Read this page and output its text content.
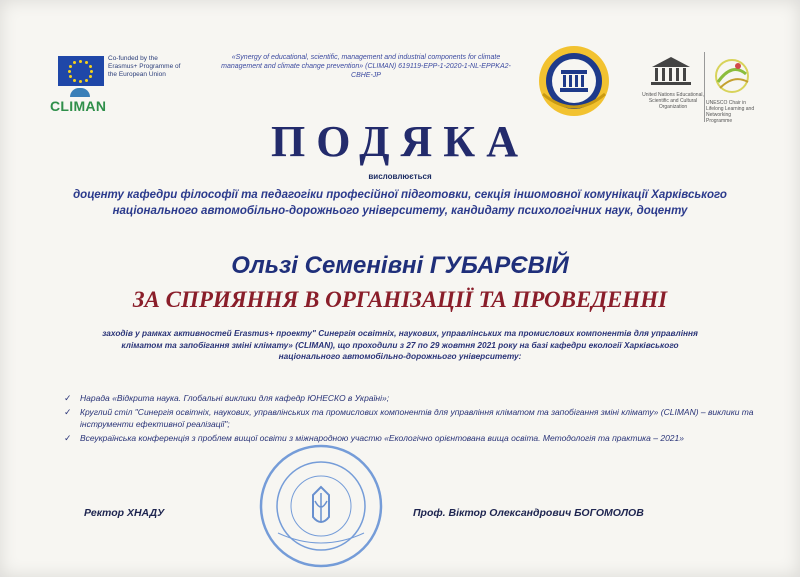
Co-funded by the Erasmus+ Programme of the European Union
CLIMAN
«Synergy of educational, scientific, management and industrial components for climate management and climate change prevention» (CLIMAN) 619119-EPP-1-2020-1-NL-EPPKA2-CBHE-JP
United Nations Educational, Scientific and Cultural Organization
UNESCO Chair in Lifelong Learning and Networking Programme
ПОДЯКА
висловлюється
доценту кафедри філософії та педагогіки професійної підготовки, секція іншомовної комунікації Харківського національного автомобільно-дорожнього університету, кандидату психологічних наук, доценту
Ользі Семенівні ГУБАРЄВІЙ
ЗА СПРИЯННЯ В ОРГАНІЗАЦІЇ ТА ПРОВЕДЕННІ
заходів у рамках активностей Erasmus+ проекту" Синергія освітніх, наукових, управлінських та промислових компонентів для управління кліматом та запобігання зміні клімату» (CLIMAN), що проходили з 27 по 29 жовтня 2021 року на базі кафедри екології Харківського національного автомобільно-дорожнього університету:
✓ Нарада «Відкрита наука. Глобальні виклики для кафедр ЮНЕСКО в Україні»;
✓ Круглий стіл "Синергія освітніх, наукових, управлінських та промислових компонентів для управління кліматом та запобігання зміні клімату» (CLIMAN) – виклики та інструменти ефективної реалізації";
✓ Всеукраїнська конференція з проблем вищої освіти з міжнародною участю «Екологічно орієнтована вища освіта. Методологія та практика – 2021»
Ректор ХНАДУ	Проф. Віктор Олександрович БОГОМОЛОВ
